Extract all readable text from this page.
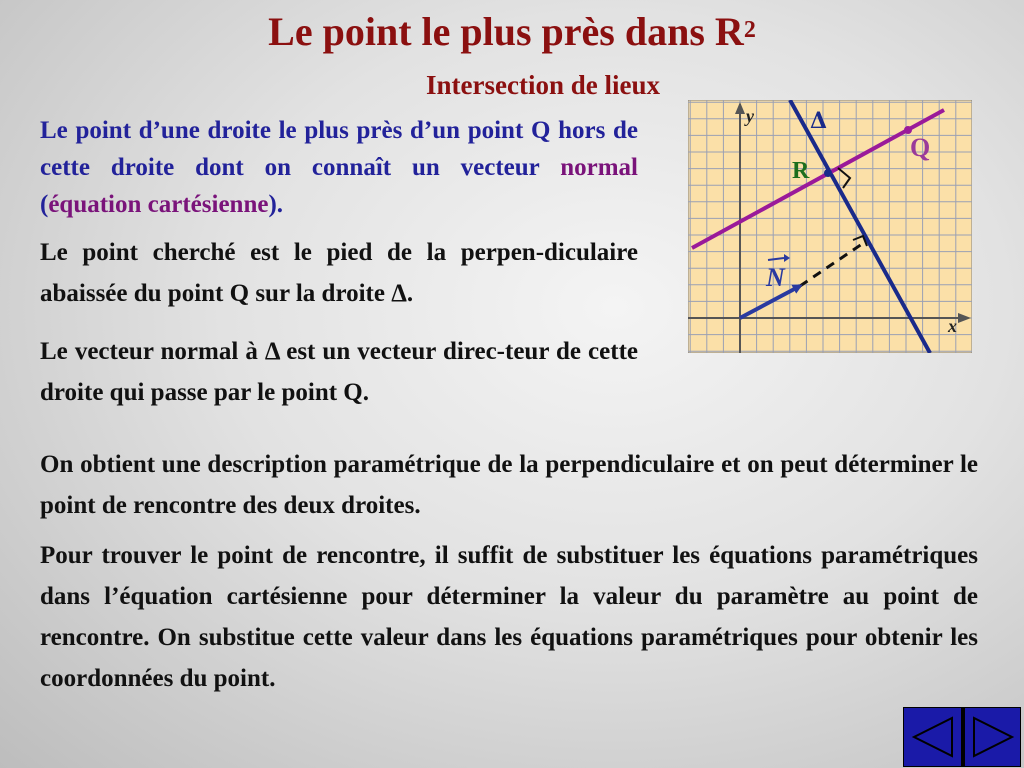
Le point le plus près dans $R^2$
Intersection de lieux
Le point d’une droite le plus près d’un point Q hors de cette droite dont on connaît un vecteur normal (équation cartésienne).
Le point cherché est le pied de la perpen-diculaire abaissée du point Q sur la droite Δ.
Le vecteur normal à Δ est un vecteur direc-teur de cette droite qui passe par le point Q.
On obtient une description paramétrique de la perpendiculaire et on peut déterminer le point de rencontre des deux droites.
Pour trouver le point de rencontre, il suffit de substituer les équations paramétriques dans l’équation cartésienne pour déterminer la valeur du paramètre au point de rencontre. On substitue cette valeur dans les équations paramétriques pour obtenir les coordonnées du point.
y
x
Δ
Q
R
N
